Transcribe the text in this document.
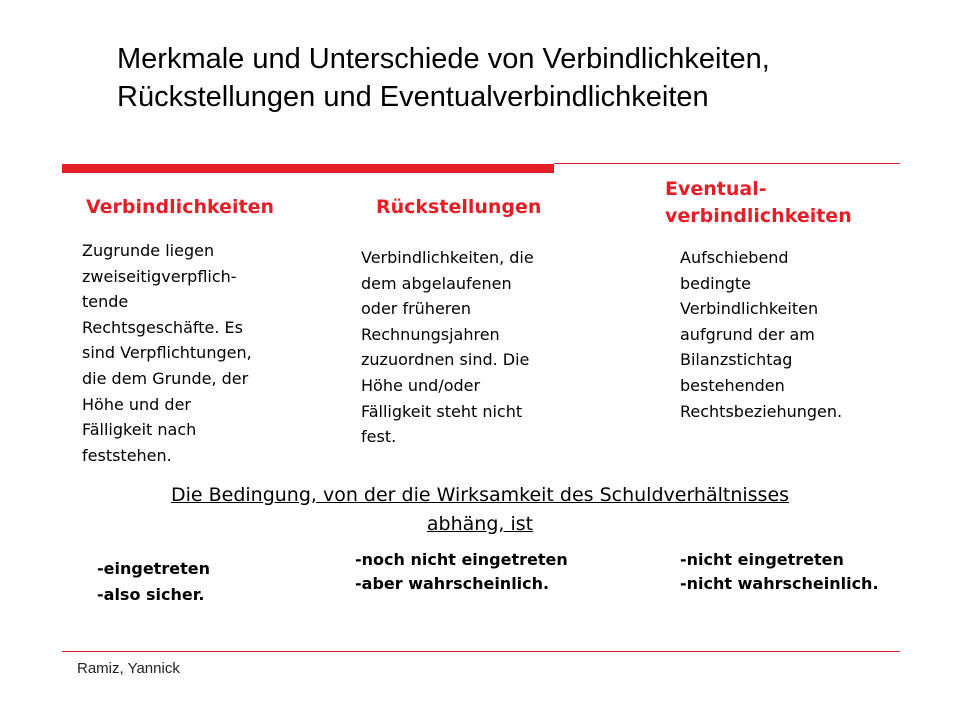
Merkmale und Unterschiede von Verbindlichkeiten,
Rückstellungen und Eventualverbindlichkeiten
Verbindlichkeiten
Zugrunde liegen
zweiseitigverpflich-
tende
Rechtsgeschäfte. Es
sind Verpflichtungen,
die dem Grunde, der
Höhe und der
Fälligkeit nach
feststehen.
Rückstellungen
Verbindlichkeiten, die
dem abgelaufenen
oder früheren
Rechnungsjahren
zuzuordnen sind. Die
Höhe und/oder
Fälligkeit steht nicht
fest.
Eventual-
verbindlichkeiten
Aufschiebend
bedingte
Verbindlichkeiten
aufgrund der am
Bilanzstichtag
bestehenden
Rechtsbeziehungen.

Die Bedingung, von der die Wirksamkeit des Schuldverhältnisses
abhäng, ist

-eingetreten
-also sicher.
-noch nicht eingetreten
-aber wahrscheinlich.
-nicht eingetreten
-nicht wahrscheinlich.

Ramiz, Yannick
